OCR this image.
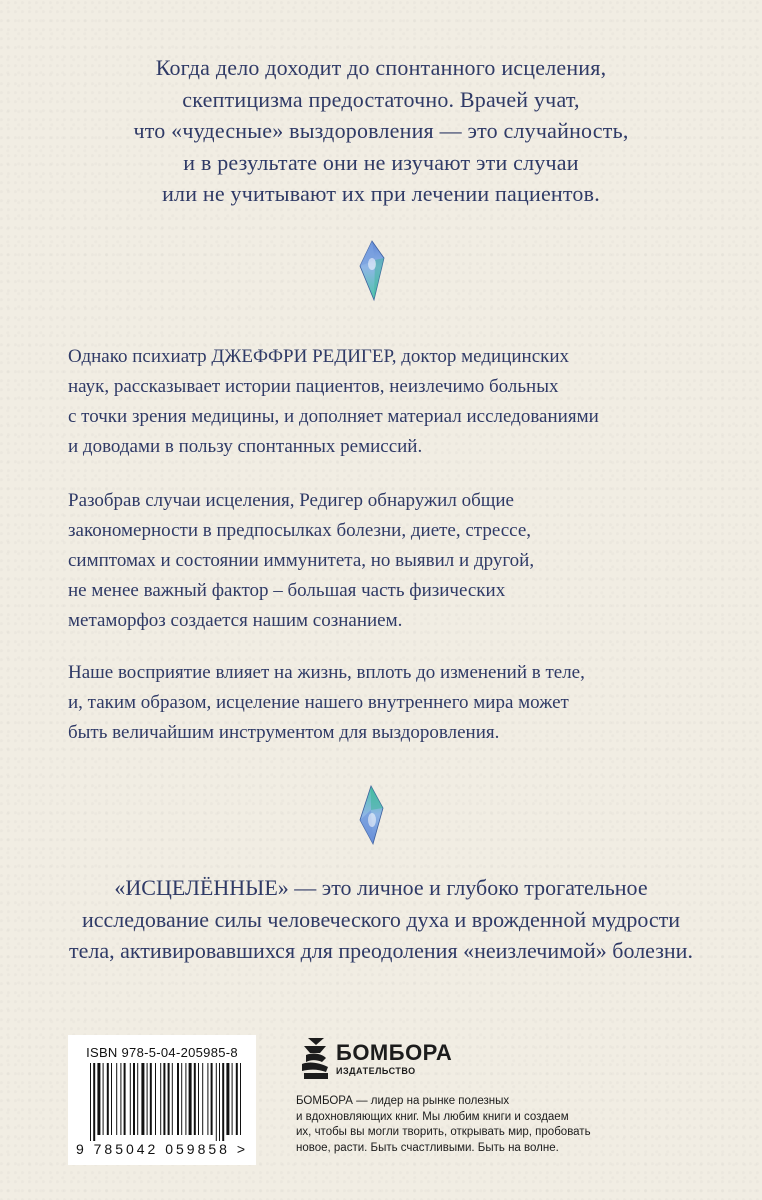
Когда дело доходит до спонтанного исцеления,
скептицизма предостаточно. Врачей учат,
что «чудесные» выздоровления — это случайность,
и в результате они не изучают эти случаи
или не учитывают их при лечении пациентов.
Однако психиатр ДЖЕФФРИ РЕДИГЕР, доктор медицинских
наук, рассказывает истории пациентов, неизлечимо больных
с точки зрения медицины, и дополняет материал исследованиями
и доводами в пользу спонтанных ремиссий.
Разобрав случаи исцеления, Редигер обнаружил общие
закономерности в предпосылках болезни, диете, стрессе,
симптомах и состоянии иммунитета, но выявил и другой,
не менее важный фактор – большая часть физических
метаморфоз создается нашим сознанием.
Наше восприятие влияет на жизнь, вплоть до изменений в теле,
и, таким образом, исцеление нашего внутреннего мира может
быть величайшим инструментом для выздоровления.
«ИСЦЕЛЁННЫЕ» — это личное и глубоко трогательное
исследование силы человеческого духа и врожденной мудрости
тела, активировавшихся для преодоления «неизлечимой» болезни.
ISBN 978-5-04-205985-8
9 785042 059858 >
БОМБОРА
ИЗДАТЕЛЬСТВО
БОМБОРА — лидер на рынке полезных
и вдохновляющих книг. Мы любим книги и создаем
их, чтобы вы могли творить, открывать мир, пробовать
новое, расти. Быть счастливыми. Быть на волне.
